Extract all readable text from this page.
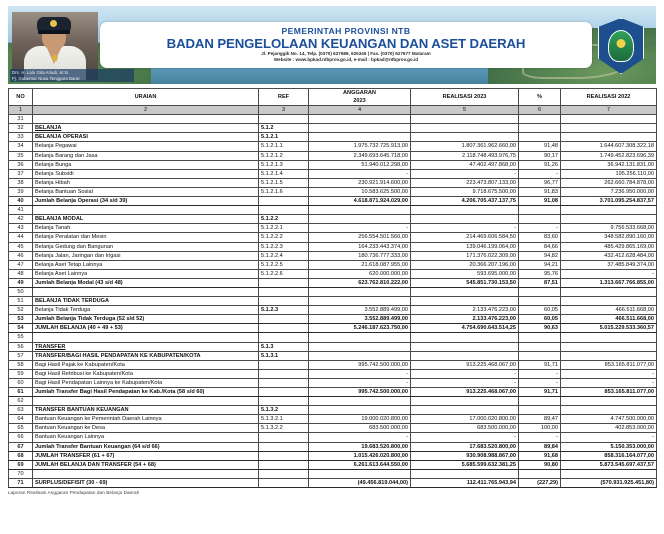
Drs. H. Lalu Gita Ariadi, M.Si.
Pj. Gubernur Nusa Tenggara Barat
PEMERINTAH PROVINSI NTB
BADAN PENGELOLAAN KEUANGAN DAN ASET DAERAH
Jl. Pejanggik No. 14, Telp. (0370) 627689, 625345 | Fax. (0370) 627677 Mataram
Website : www.bpkad.ntbprov.go.id, e-mail : bpkad@ntbprov.go.id
NO	URAIAN	REF	ANGGARAN
2023	REALISASI 2023	%	REALISASI 2022
1	2	3	4	5	6	7
31						
32	BELANJA	5.1.2				
33	BELANJA OPERASI	5.1.2.1				
34	Belanja Pegawai	5.1.2.1.1	1.975.732.725.913,00	1.807.361.962.660,00	91,48	1.644.607.308.322,18
35	Belanja Barang dan Jasa	5.1.2.1.2	2.349.693.645.718,00	2.118.748.493.976,75	90,17	1.749.452.823.696,39
36	Belanja Bunga	5.1.2.1.3	51.940.012.298,00	47.402.497.868,00	91,26	36.942.131.831,00
37	Belanja Subsidi	5.1.2.1.4	-	-	-	195.256.110,00
38	Belanja Hibah	5.1.2.1.5	230.921.914.600,00	223.473.807.133,00	96,77	262.660.784.878,00
39	Belanja Bantuan Sosial	5.1.2.1.6	10.583.625.500,00	9.718.675.500,00	91,83	7.236.950.000,00
40	Jumlah Belanja Operasi (34 s/d 39)		4.618.871.924.029,00	4.206.705.437.137,75	91,08	3.701.095.254.837,57
41						
42	BELANJA MODAL	5.1.2.2				
43	Belanja Tanah	5.1.2.2.1	-	-	-	9.756.533.668,00
44	Belanja Peralatan dan Mesin	5.1.2.2.2	256.554.501.560,00	214.469.606.584,50	83,60	348.582.890.160,00
45	Belanja Gedung dan Bangunan	5.1.2.2.3	164.233.443.374,00	139.046.199.064,00	84,66	485.429.865.169,00
46	Belanja Jalan, Jaringan dan Irigasi	5.1.2.2.4	180.736.777.333,00	171.376.022.309,00	94,82	432.412.628.484,00
47	Belanja Aset Tetap Lainnya	5.1.2.2.5	21.618.087.955,00	20.366.207.196,00	94,21	37.485.849.374,00
48	Belanja Aset Lainnya	5.1.2.2.6	620.000.000,00	593.695.000,00	95,76	-
49	Jumlah Belanja Modal (43 s/d 48)		623.762.810.222,00	545.851.730.153,50	87,51	1.313.667.766.855,00
50						
51	BELANJA TIDAK TERDUGA					
52	Belanja Tidak Terduga	5.1.2.3	3.552.889.499,00	2.133.476.223,00	60,05	466.511.668,00
53	Jumlah Belanja Tidak Terduga (52 s/d 52)		3.552.889.499,00	2.133.476.223,00	60,05	466.511.668,00
54	JUMLAH BELANJA (40 + 49 + 53)		5.246.187.623.750,00	4.754.690.643.514,25	90,63	5.015.229.533.360,57
55						
56	TRANSFER	5.1.3				
57	TRANSFER/BAGI HASIL PENDAPATAN KE KABUPATEN/KOTA	5.1.3.1				
58	Bagi Hasil Pajak ke Kabupaten/Kota		995.742.500.000,00	913.225.468.067,00	91,71	853.165.811.077,00
59	Bagi Hasil Retribusi ke Kabupaten/Kota		-	-	-	-
60	Bagi Hasil Pendapatan Lainnya ke Kabupaten/Kota		-	-	-	-
61	Jumlah Transfer Bagi Hasil Pendapatan ke Kab./Kota (58 s/d 60)		995.742.500.000,00	913.225.468.067,00	91,71	853.165.811.077,00
62						
63	TRANSFER BANTUAN KEUANGAN	5.1.3.2				
64	Bantuan Keuangan ke Pemerintah Daerah Lainnya	5.1.3.2.1	19.000.020.800,00	17.000.020.800,00	89,47	4.747.500.000,00
65	Bantuan Keuangan ke Desa	5.1.3.2.2	683.500.000,00	683.500.000,00	100,00	402.853.000,00
66	Bantuan Keuangan Lainnya		-	-	-	-
67	Jumlah Transfer Bantuan Keuangan (64 s/d 66)		19.683.520.800,00	17.683.520.800,00	89,84	5.150.353.000,00
68	JUMLAH TRANSFER (61 + 67)		1.015.426.020.800,00	930.908.988.867,00	91,68	858.316.164.077,00
69	JUMLAH BELANJA DAN TRANSFER (54 + 68)		6.261.613.644.550,00	5.685.599.632.381,25	90,80	5.873.545.697.437,57
70						
71	SURPLUS/DEFISIT (30 - 69)		(49.456.819.044,00)	112.411.765.943,94	(227,29)	(570.931.925.451,80)
Laporan Realisasi Anggaran Pendapatan dan Belanja Daerah
